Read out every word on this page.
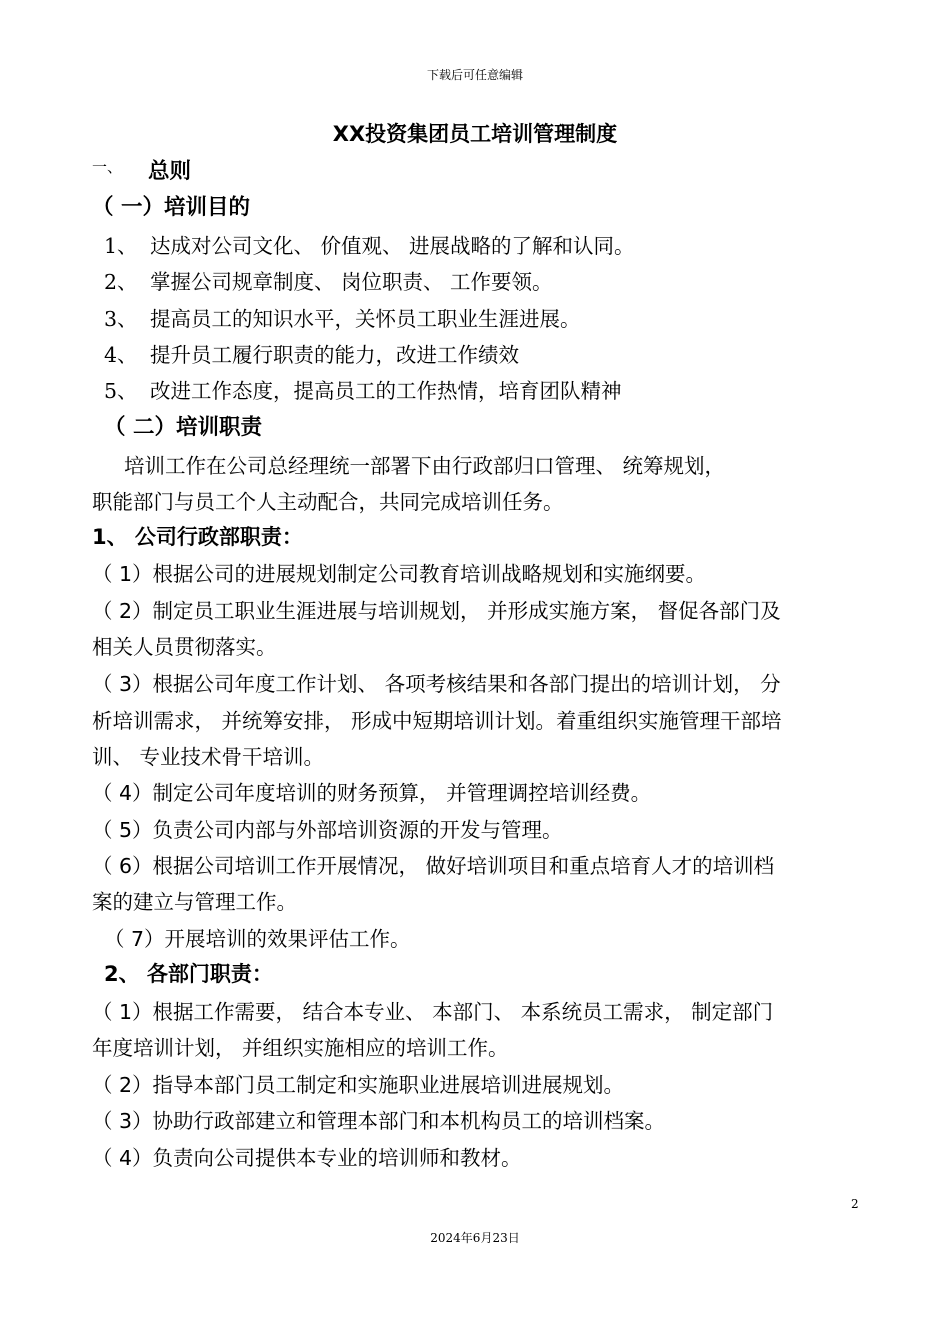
下载后可任意编辑
XX投资集团员工培训管理制度
一、 总则
（ 一）培训目的
1、 达成对公司文化、 价值观、 进展战略的了解和认同。
2、 掌握公司规章制度、 岗位职责、 工作要领。
3、 提高员工的知识水平，关怀员工职业生涯进展。
4、 提升员工履行职责的能力，改进工作绩效
5、 改进工作态度，提高员工的工作热情，培育团队精神
（ 二）培训职责
培训工作在公司总经理统一部署下由行政部归口管理、 统筹规划，
职能部门与员工个人主动配合，共同完成培训任务。
1、 公司行政部职责：
（ 1）根据公司的进展规划制定公司教育培训战略规划和实施纲要。
（ 2）制定员工职业生涯进展与培训规划， 并形成实施方案， 督促各部门及
相关人员贯彻落实。
（ 3）根据公司年度工作计划、 各项考核结果和各部门提出的培训计划， 分
析培训需求， 并统筹安排， 形成中短期培训计划。着重组织实施管理干部培
训、 专业技术骨干培训。
（ 4）制定公司年度培训的财务预算， 并管理调控培训经费。
（ 5）负责公司内部与外部培训资源的开发与管理。
（ 6）根据公司培训工作开展情况， 做好培训项目和重点培育人才的培训档
案的建立与管理工作。
（ 7）开展培训的效果评估工作。
2、 各部门职责：
（ 1）根据工作需要， 结合本专业、 本部门、 本系统员工需求， 制定部门
年度培训计划， 并组织实施相应的培训工作。
（ 2）指导本部门员工制定和实施职业进展培训进展规划。
（ 3）协助行政部建立和管理本部门和本机构员工的培训档案。
（ 4）负责向公司提供本专业的培训师和教材。
2
2024年6月23日
